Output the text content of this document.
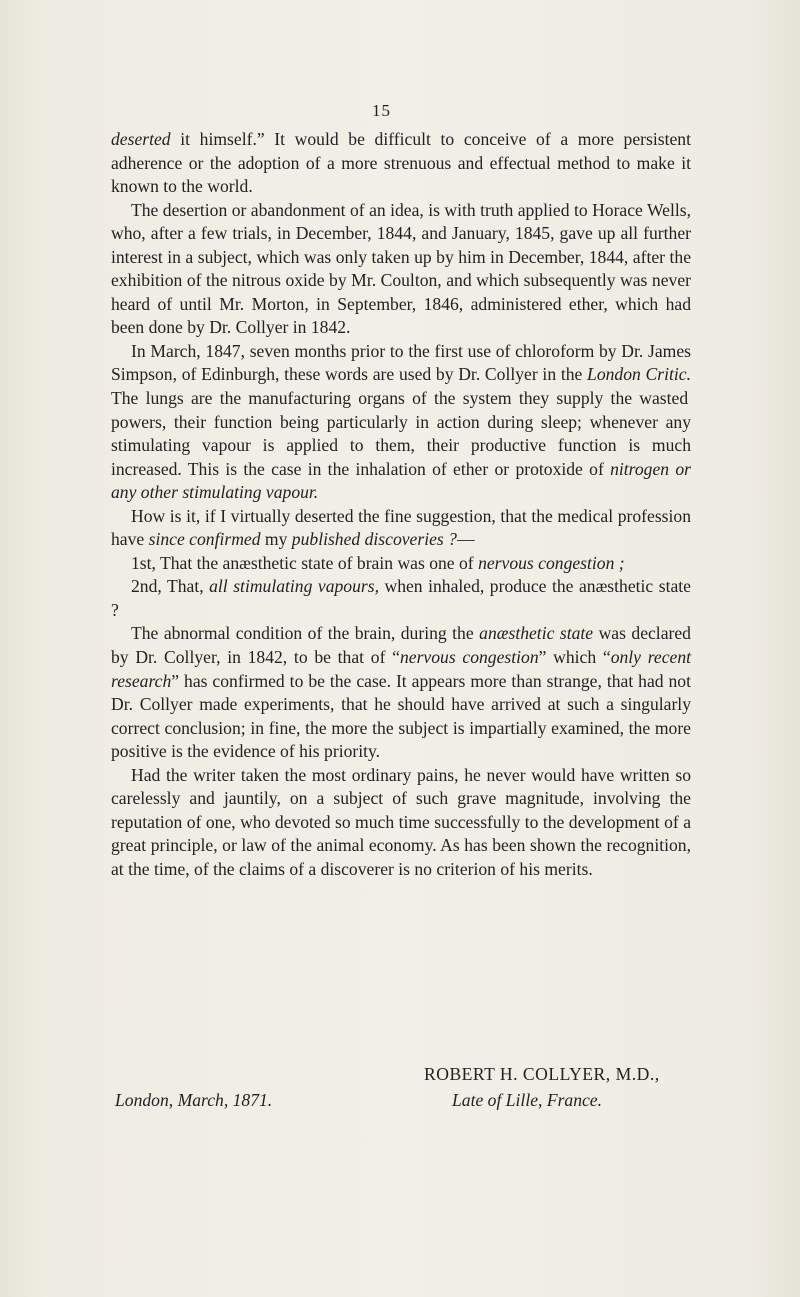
15

deserted it himself.” It would be difficult to conceive of a more persistent adherence or the adoption of a more strenuous and effectual method to make it known to the world.

The desertion or abandonment of an idea, is with truth applied to Horace Wells, who, after a few trials, in December, 1844, and January, 1845, gave up all further interest in a subject, which was only taken up by him in December, 1844, after the exhibition of the nitrous oxide by Mr. Coulton, and which subsequently was never heard of until Mr. Morton, in September, 1846, administered ether, which had been done by Dr. Collyer in 1842.

In March, 1847, seven months prior to the first use of chloroform by Dr. James Simpson, of Edinburgh, these words are used by Dr. Collyer in the London Critic. The lungs are the manufacturing organs of the system they supply the wasted powers, their function being particularly in action during sleep; whenever any stimulating vapour is applied to them, their productive function is much increased. This is the case in the inhalation of ether or protoxide of nitrogen or any other stimulating vapour.

How is it, if I virtually deserted the fine suggestion, that the medical profession have since confirmed my published discoveries ?—

1st, That the anæsthetic state of brain was one of nervous congestion ;

2nd, That, all stimulating vapours, when inhaled, produce the anæsthetic state ?

The abnormal condition of the brain, during the anæsthetic state was declared by Dr. Collyer, in 1842, to be that of “nervous congestion” which “only recent research” has confirmed to be the case. It appears more than strange, that had not Dr. Collyer made experiments, that he should have arrived at such a singularly correct conclusion; in fine, the more the subject is impartially examined, the more positive is the evidence of his priority.

Had the writer taken the most ordinary pains, he never would have written so carelessly and jauntily, on a subject of such grave magnitude, involving the reputation of one, who devoted so much time successfully to the development of a great principle, or law of the animal economy. As has been shown the recognition, at the time, of the claims of a discoverer is no criterion of his merits.

ROBERT H. COLLYER, M.D.,
London, March, 1871.	Late of Lille, France.
